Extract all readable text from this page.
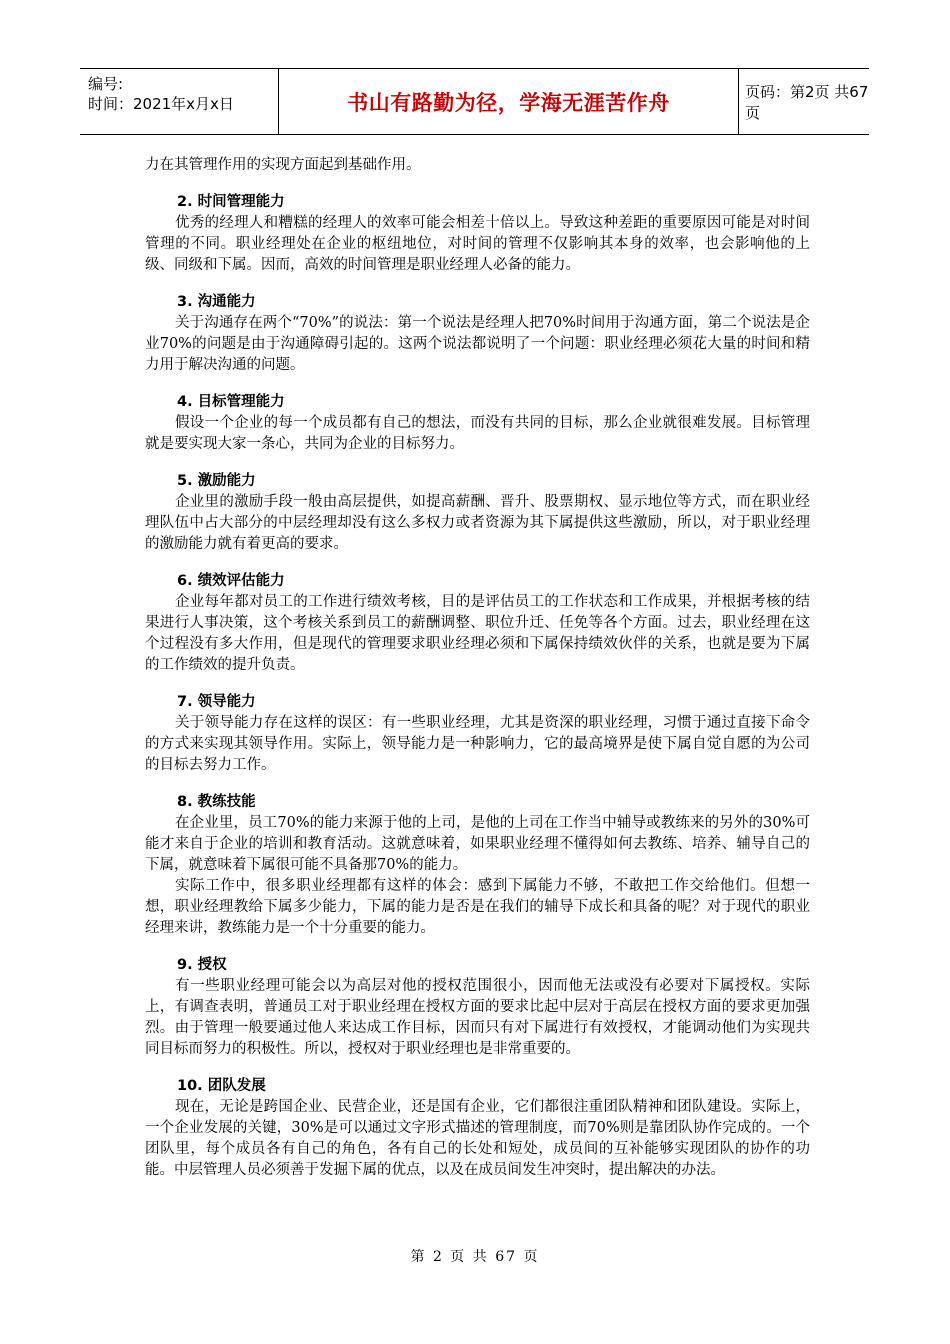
编号:
时间：2021年x月x日	书山有路勤为径，学海无涯苦作舟	页码：第2页 共67页

力在其管理作用的实现方面起到基础作用。

2. 时间管理能力

优秀的经理人和糟糕的经理人的效率可能会相差十倍以上。导致这种差距的重要原因可能是对时间管理的不同。职业经理处在企业的枢纽地位，对时间的管理不仅影响其本身的效率，也会影响他的上级、同级和下属。因而，高效的时间管理是职业经理人必备的能力。

3. 沟通能力

关于沟通存在两个“70%”的说法：第一个说法是经理人把70%时间用于沟通方面，第二个说法是企业70%的问题是由于沟通障碍引起的。这两个说法都说明了一个问题：职业经理必须花大量的时间和精力用于解决沟通的问题。

4. 目标管理能力

假设一个企业的每一个成员都有自己的想法，而没有共同的目标，那么企业就很难发展。目标管理就是要实现大家一条心，共同为企业的目标努力。

5. 激励能力

企业里的激励手段一般由高层提供，如提高薪酬、晋升、股票期权、显示地位等方式，而在职业经理队伍中占大部分的中层经理却没有这么多权力或者资源为其下属提供这些激励，所以，对于职业经理的激励能力就有着更高的要求。

6. 绩效评估能力

企业每年都对员工的工作进行绩效考核，目的是评估员工的工作状态和工作成果，并根据考核的结果进行人事决策，这个考核关系到员工的薪酬调整、职位升迁、任免等各个方面。过去，职业经理在这个过程没有多大作用，但是现代的管理要求职业经理必须和下属保持绩效伙伴的关系，也就是要为下属的工作绩效的提升负责。

7. 领导能力

关于领导能力存在这样的误区：有一些职业经理，尤其是资深的职业经理，习惯于通过直接下命令的方式来实现其领导作用。实际上，领导能力是一种影响力，它的最高境界是使下属自觉自愿的为公司的目标去努力工作。

8. 教练技能

在企业里，员工70%的能力来源于他的上司，是他的上司在工作当中辅导或教练来的另外的30%可能才来自于企业的培训和教育活动。这就意味着，如果职业经理不懂得如何去教练、培养、辅导自己的下属，就意味着下属很可能不具备那70%的能力。

实际工作中，很多职业经理都有这样的体会：感到下属能力不够，不敢把工作交给他们。但想一想，职业经理教给下属多少能力，下属的能力是否是在我们的辅导下成长和具备的呢？对于现代的职业经理来讲，教练能力是一个十分重要的能力。

9. 授权

有一些职业经理可能会以为高层对他的授权范围很小，因而他无法或没有必要对下属授权。实际上，有调查表明，普通员工对于职业经理在授权方面的要求比起中层对于高层在授权方面的要求更加强烈。由于管理一般要通过他人来达成工作目标，因而只有对下属进行有效授权，才能调动他们为实现共同目标而努力的积极性。所以，授权对于职业经理也是非常重要的。

10. 团队发展

现在，无论是跨国企业、民营企业，还是国有企业，它们都很注重团队精神和团队建设。实际上，一个企业发展的关键，30%是可以通过文字形式描述的管理制度，而70%则是靠团队协作完成的。一个团队里，每个成员各有自己的角色，各有自己的长处和短处，成员间的互补能够实现团队的协作的功能。中层管理人员必须善于发掘下属的优点，以及在成员间发生冲突时，提出解决的办法。

第 2 页 共 67 页
